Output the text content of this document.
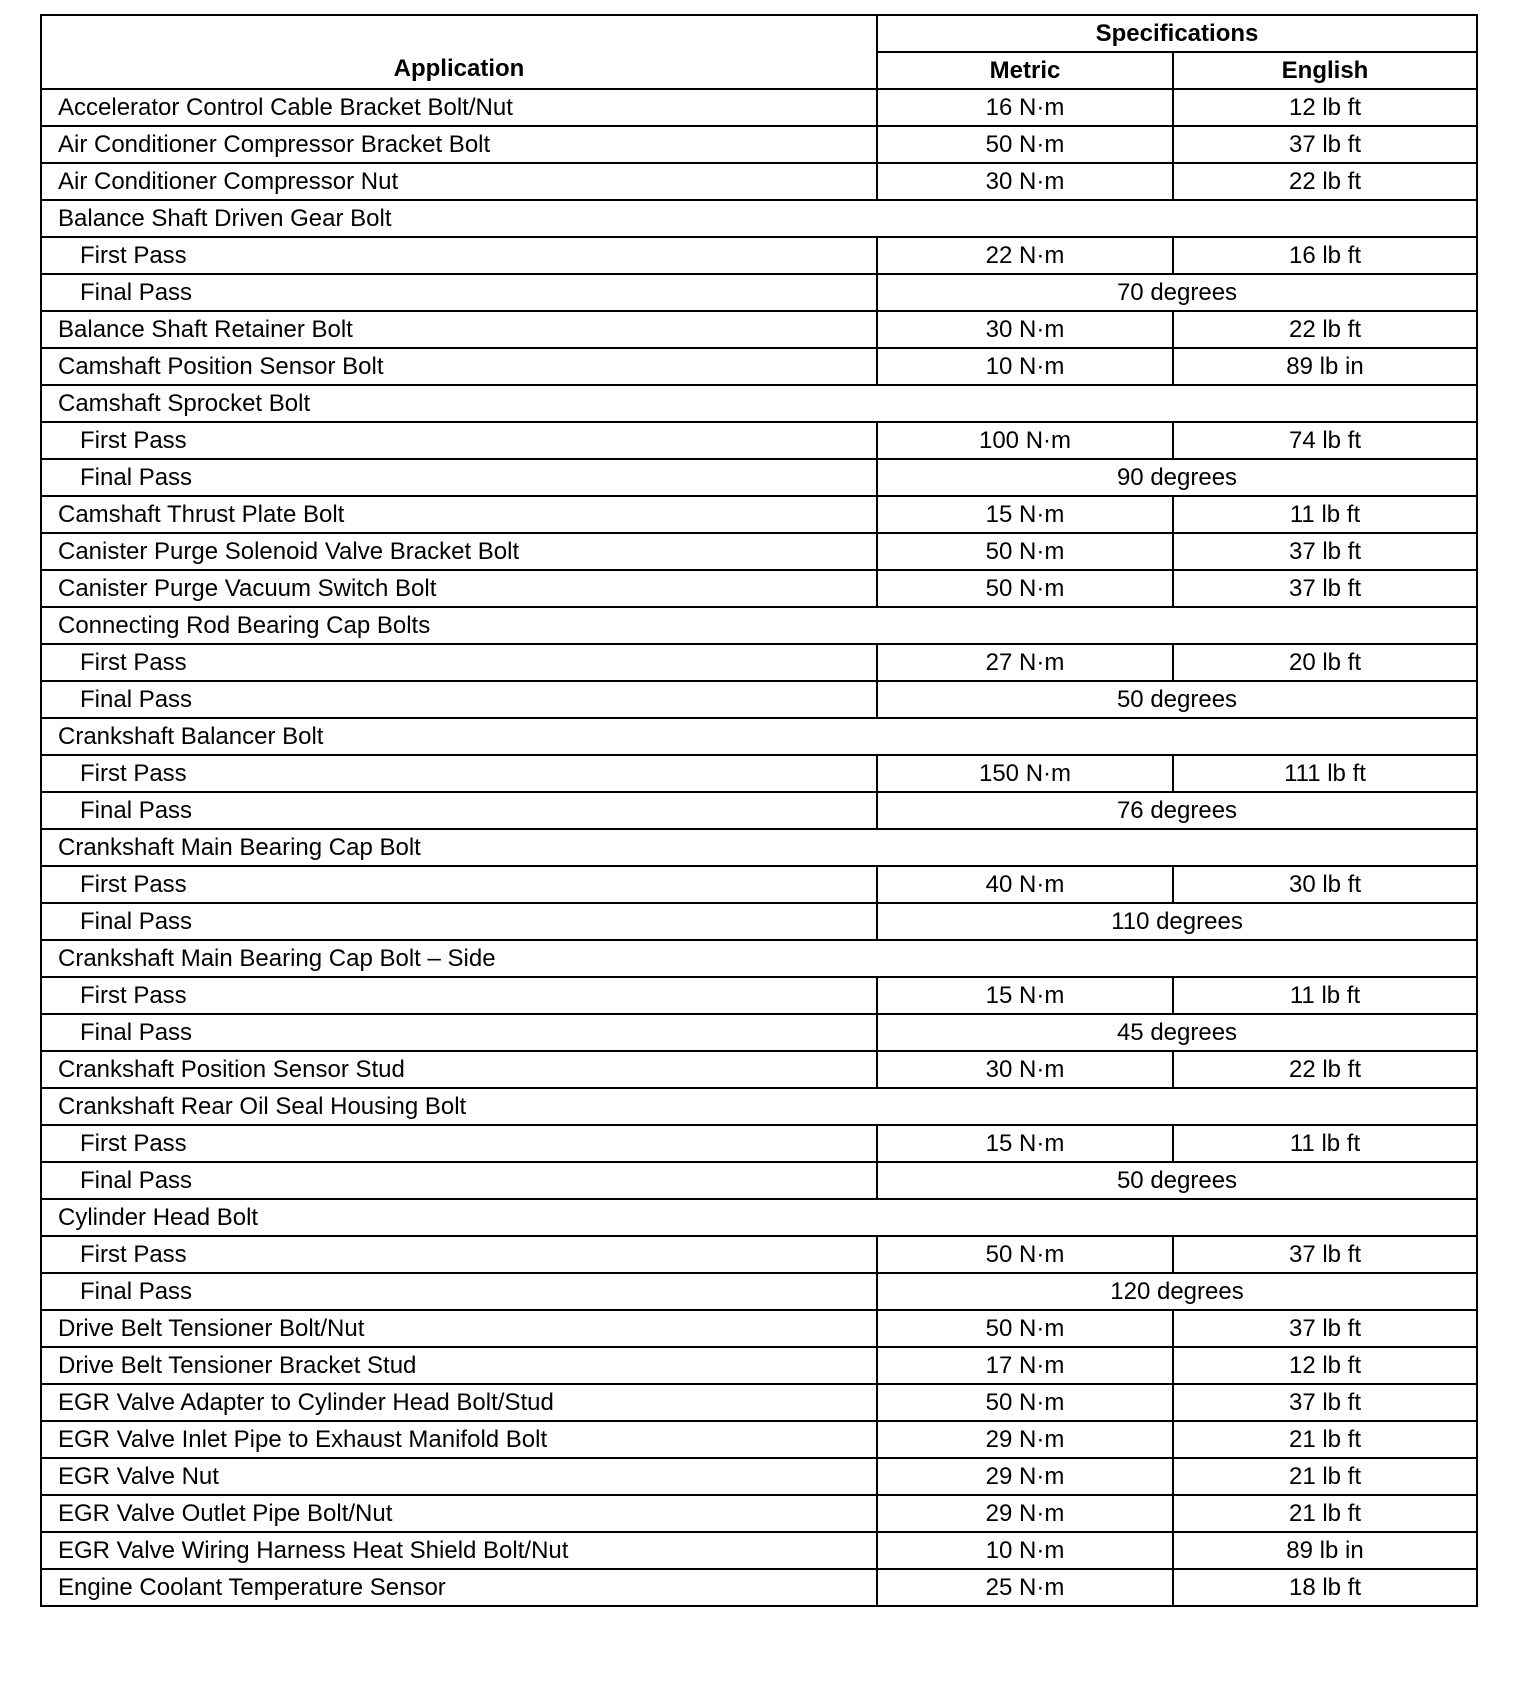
Application	Specifications	
	Metric	English
Accelerator Control Cable Bracket Bolt/Nut	16 N·m	12 lb ft
Air Conditioner Compressor Bracket Bolt	50 N·m	37 lb ft
Air Conditioner Compressor Nut	30 N·m	22 lb ft
Balance Shaft Driven Gear Bolt		
First Pass	22 N·m	16 lb ft
Final Pass	70 degrees	
Balance Shaft Retainer Bolt	30 N·m	22 lb ft
Camshaft Position Sensor Bolt	10 N·m	89 lb in
Camshaft Sprocket Bolt		
First Pass	100 N·m	74 lb ft
Final Pass	90 degrees	
Camshaft Thrust Plate Bolt	15 N·m	11 lb ft
Canister Purge Solenoid Valve Bracket Bolt	50 N·m	37 lb ft
Canister Purge Vacuum Switch Bolt	50 N·m	37 lb ft
Connecting Rod Bearing Cap Bolts		
First Pass	27 N·m	20 lb ft
Final Pass	50 degrees	
Crankshaft Balancer Bolt		
First Pass	150 N·m	111 lb ft
Final Pass	76 degrees	
Crankshaft Main Bearing Cap Bolt		
First Pass	40 N·m	30 lb ft
Final Pass	110 degrees	
Crankshaft Main Bearing Cap Bolt – Side		
First Pass	15 N·m	11 lb ft
Final Pass	45 degrees	
Crankshaft Position Sensor Stud	30 N·m	22 lb ft
Crankshaft Rear Oil Seal Housing Bolt		
First Pass	15 N·m	11 lb ft
Final Pass	50 degrees	
Cylinder Head Bolt		
First Pass	50 N·m	37 lb ft
Final Pass	120 degrees	
Drive Belt Tensioner Bolt/Nut	50 N·m	37 lb ft
Drive Belt Tensioner Bracket Stud	17 N·m	12 lb ft
EGR Valve Adapter to Cylinder Head Bolt/Stud	50 N·m	37 lb ft
EGR Valve Inlet Pipe to Exhaust Manifold Bolt	29 N·m	21 lb ft
EGR Valve Nut	29 N·m	21 lb ft
EGR Valve Outlet Pipe Bolt/Nut	29 N·m	21 lb ft
EGR Valve Wiring Harness Heat Shield Bolt/Nut	10 N·m	89 lb in
Engine Coolant Temperature Sensor	25 N·m	18 lb ft
